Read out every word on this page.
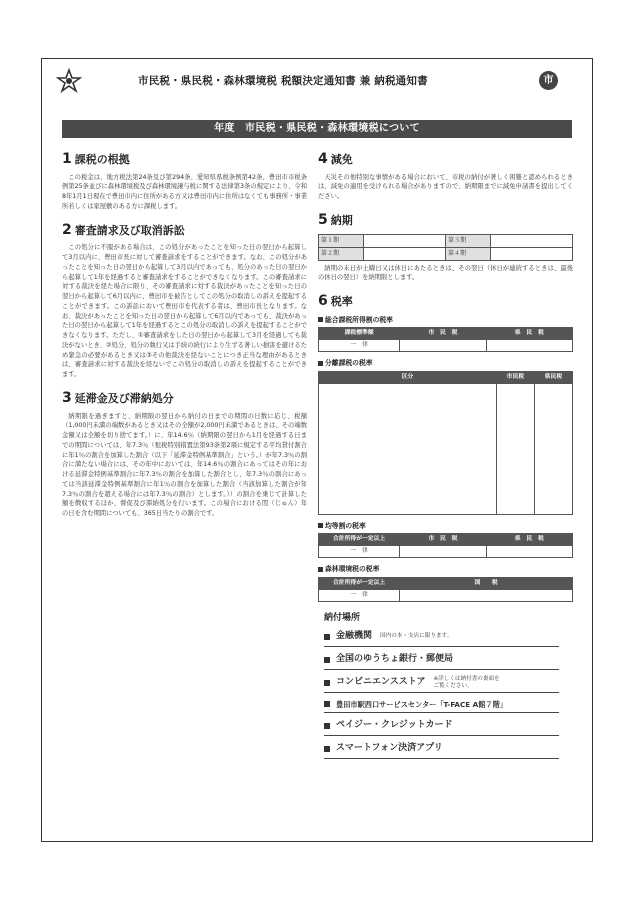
市民税・県民税・森林環境税 税額決定通知書 兼 納税通知書	市
年度　市民税・県民税・森林環境税について
1 課税の根拠

この税金は、地方税法第24条及び第294条、愛知県県税条例第42条、豊田市市税条例第25条並びに森林環境税及び森林環境譲与税に関する法律第3条の規定により、令和8年1月1日現在で豊田市内に住所がある方又は豊田市内に住所はなくても事務所・事業所若しくは家屋敷のある方に課税します。

2 審査請求及び取消訴訟

この処分に不服がある場合は、この処分があったことを知った日の翌日から起算して3月以内に、豊田市長に対して審査請求をすることができます。なお、この処分があったことを知った日の翌日から起算して3月以内であっても、処分のあった日の翌日から起算して1年を経過すると審査請求をすることができなくなります。この審査請求に対する裁決を経た場合に限り、その審査請求に対する裁決があったことを知った日の翌日から起算して6月以内に、豊田市を被告としてこの処分の取消しの訴えを提起することができます。この訴訟において豊田市を代表する者は、豊田市長となります。なお、裁決があったことを知った日の翌日から起算して6月以内であっても、裁決があった日の翌日から起算して1年を経過するとこの処分の取消しの訴えを提起することができなくなります。ただし、①審査請求をした日の翌日から起算して3月を経過しても裁決がないとき、②処分、処分の執行又は手続の続行により生ずる著しい損害を避けるため緊急の必要があるとき又は③その他裁決を経ないことにつき正当な理由があるときは、審査請求に対する裁決を経ないでこの処分の取消しの訴えを提起することができます。

3 延滞金及び滞納処分

納期限を過ぎますと、納期限の翌日から納付の日までの期間の日数に応じ、税額（1,000円未満の端数があるとき又はその全額が2,000円未満であるときは、その端数金額又は全額を切り捨てます。）に、年14.6％（納期限の翌日から1月を経過する日までの期間については、年7.3％（租税特別措置法第93条第2項に規定する平均貸付割合に年1％の割合を加算した割合（以下「延滞金特例基準割合」という。）が年7.3％の割合に満たない場合には、その年中においては、年14.6％の割合にあってはその年における延滞金特例基準割合に年7.3％の割合を加算した割合とし、年7.3％の割合にあっては当該延滞金特例基準割合に年1％の割合を加算した割合（当該加算した割合が年7.3％の割合を超える場合には年7.3％の割合）とします。））の割合を乗じて計算した額を徴収するほか、督促及び滞納処分を行います。この場合における閏（じゅん）年の日を含む期間についても、365日当たりの割合です。

4 減免

天災その他特別な事情がある場合において、市税の納付が著しく困難と認められるときは、減免の適用を受けられる場合がありますので、納期限までに減免申請書を提出してください。

5 納期
第１期		第３期	
第２期		第４期	

納期の末日が土曜日又は休日にあたるときは、その翌日（休日が連続するときは、最後の休日の翌日）を納期限とします。

6 税率
総合課税所得割の税率
課税標準額	市　民　税	県　民　税
一　律		
分離課税の税率
区分	市民税	県民税

均等割の税率
合計所得が一定以上	市　民　税	県　民　税
一　律		
森林環境税の税率
合計所得が一定以上	国　　税
一　律	
納付場所
金融機関 国内の本・支店に限ります。
全国のゆうちょ銀行・郵便局
コンビニエンスストア ※詳しくは納付書の裏面をご覧ください。
豊田市駅西口サービスセンター「T-FACE A館７階」
ペイジー・クレジットカード
スマートフォン決済アプリ
